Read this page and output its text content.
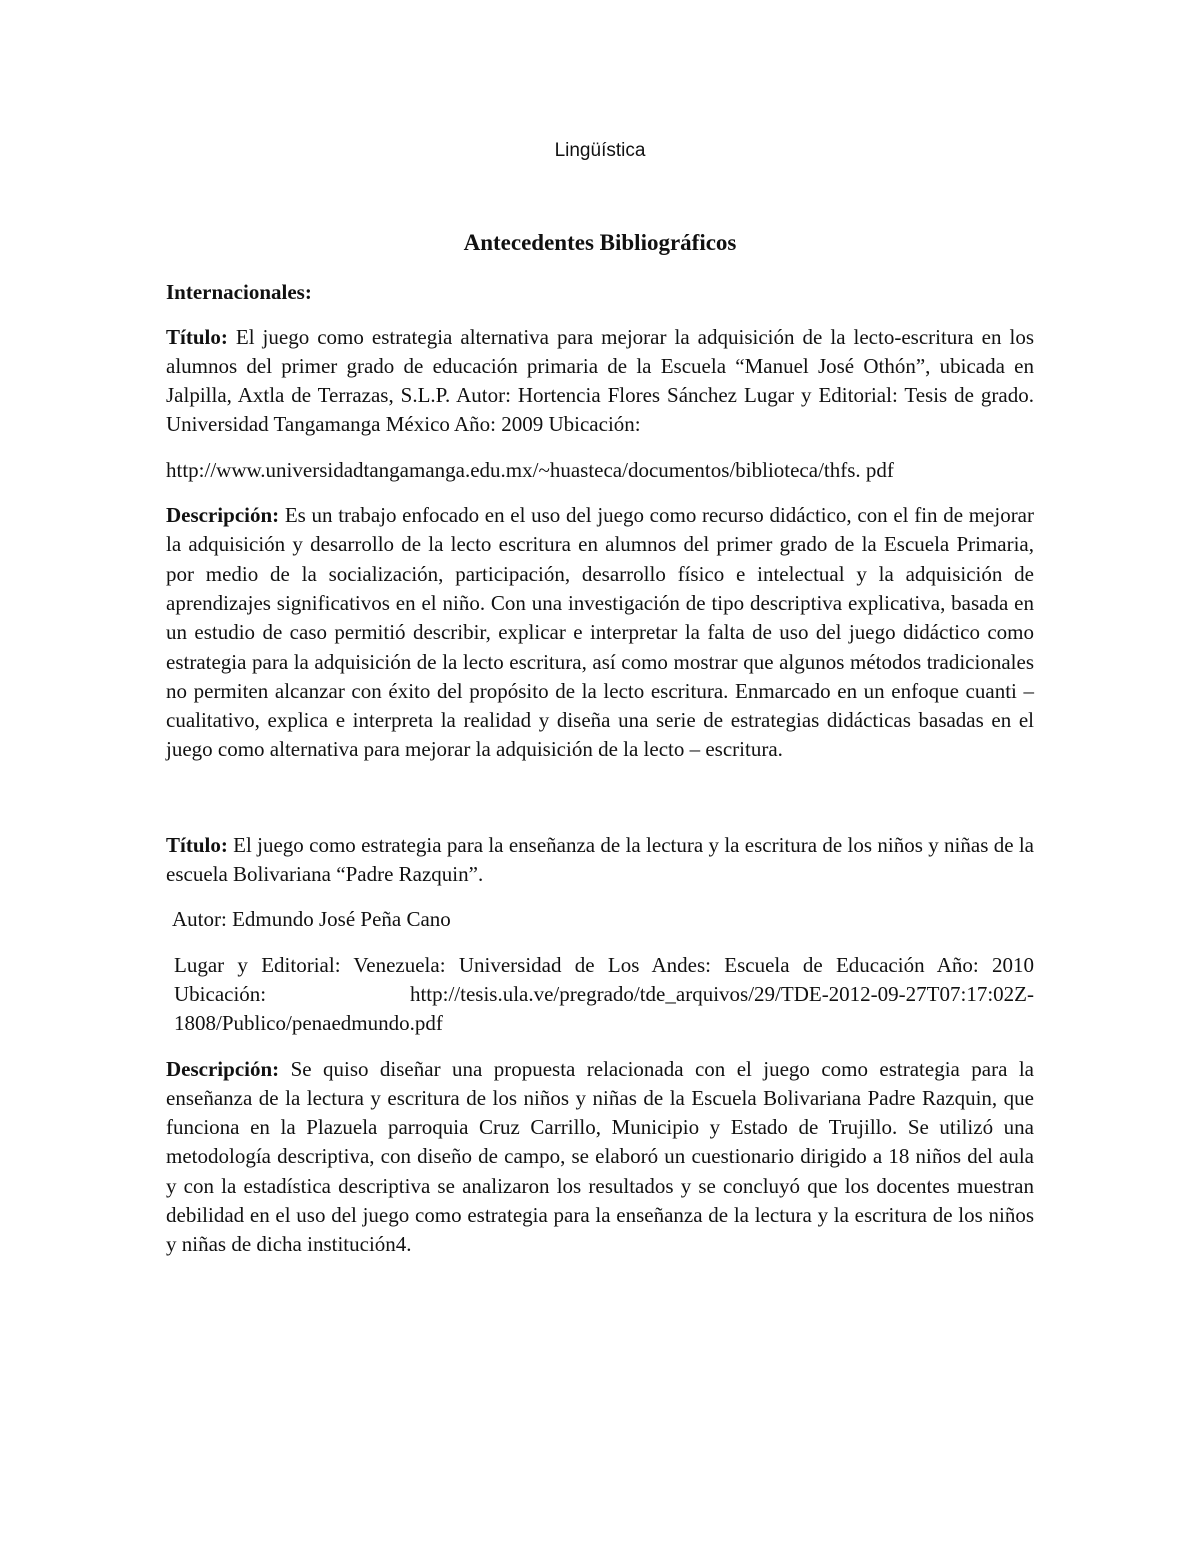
Lingüística

Antecedentes Bibliográficos

Internacionales:

Título: El juego como estrategia alternativa para mejorar la adquisición de la lecto-escritura en los alumnos del primer grado de educación primaria de la Escuela “Manuel José Othón”, ubicada en Jalpilla, Axtla de Terrazas, S.L.P. Autor: Hortencia Flores Sánchez Lugar y Editorial: Tesis de grado. Universidad Tangamanga México Año: 2009 Ubicación:

http://www.universidadtangamanga.edu.mx/~huasteca/documentos/biblioteca/thfs. pdf

Descripción: Es un trabajo enfocado en el uso del juego como recurso didáctico, con el fin de mejorar la adquisición y desarrollo de la lecto escritura en alumnos del primer grado de la Escuela Primaria, por medio de la socialización, participación, desarrollo físico e intelectual y la adquisición de aprendizajes significativos en el niño. Con una investigación de tipo descriptiva explicativa, basada en un estudio de caso permitió describir, explicar e interpretar la falta de uso del juego didáctico como estrategia para la adquisición de la lecto escritura, así como mostrar que algunos métodos tradicionales no permiten alcanzar con éxito del propósito de la lecto escritura. Enmarcado en un enfoque cuanti – cualitativo, explica e interpreta la realidad y diseña una serie de estrategias didácticas basadas en el juego como alternativa para mejorar la adquisición de la lecto – escritura.

Título: El juego como estrategia para la enseñanza de la lectura y la escritura de los niños y niñas de la escuela Bolivariana “Padre Razquin”.

Autor: Edmundo José Peña Cano

Lugar y Editorial: Venezuela: Universidad de Los Andes: Escuela de Educación Año: 2010 Ubicación: http://tesis.ula.ve/pregrado/tde_arquivos/29/TDE-2012-09-27T07:17:02Z-1808/Publico/penaedmundo.pdf

Descripción: Se quiso diseñar una propuesta relacionada con el juego como estrategia para la enseñanza de la lectura y escritura de los niños y niñas de la Escuela Bolivariana Padre Razquin, que funciona en la Plazuela parroquia Cruz Carrillo, Municipio y Estado de Trujillo. Se utilizó una metodología descriptiva, con diseño de campo, se elaboró un cuestionario dirigido a 18 niños del aula y con la estadística descriptiva se analizaron los resultados y se concluyó que los docentes muestran debilidad en el uso del juego como estrategia para la enseñanza de la lectura y la escritura de los niños y niñas de dicha institución4.
